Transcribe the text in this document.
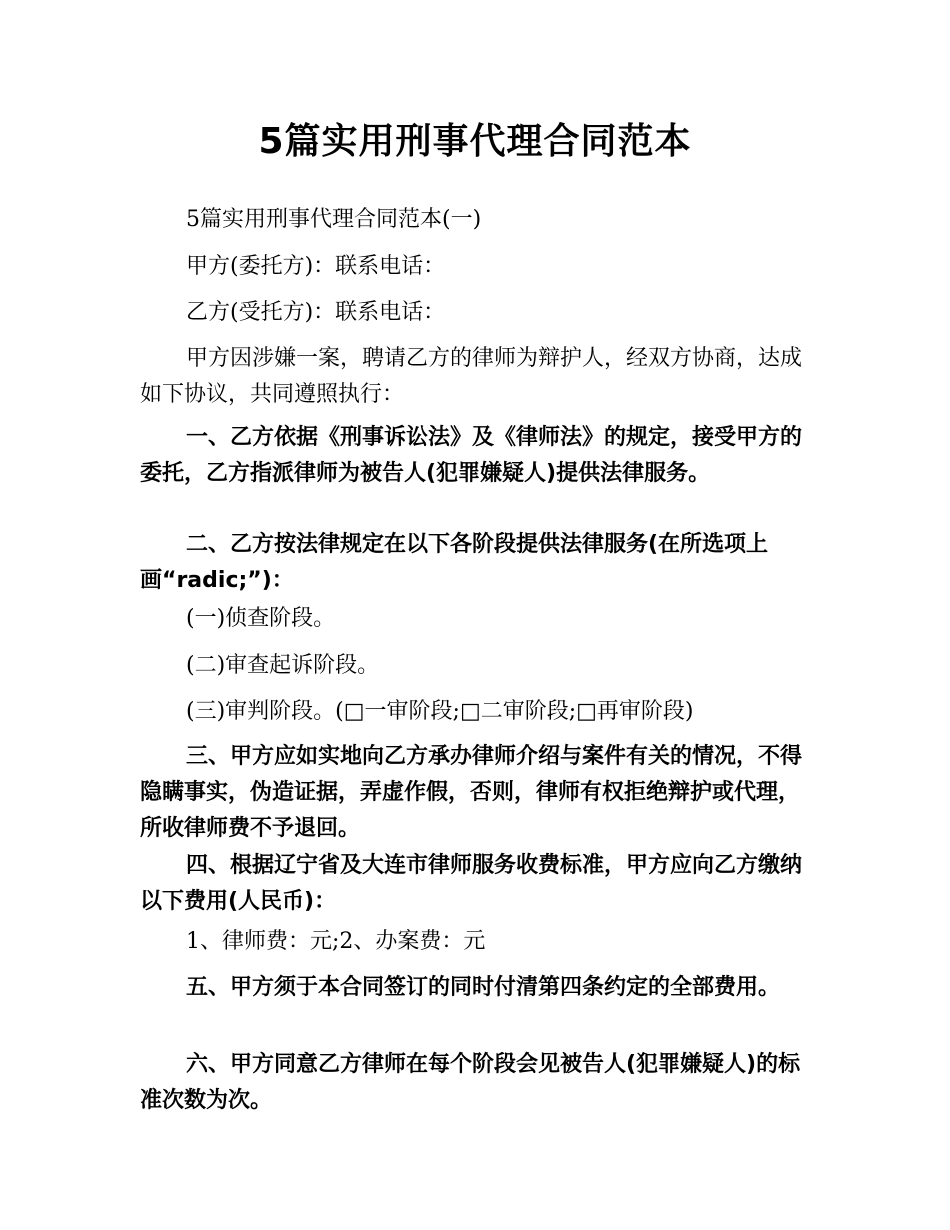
5篇实用刑事代理合同范本
5篇实用刑事代理合同范本(一)
甲方(委托方)：联系电话：
乙方(受托方)：联系电话：
甲方因涉嫌一案，聘请乙方的律师为辩护人，经双方协商，达成如下协议，共同遵照执行：
一、乙方依据《刑事诉讼法》及《律师法》的规定，接受甲方的委托，乙方指派律师为被告人(犯罪嫌疑人)提供法律服务。
二、乙方按法律规定在以下各阶段提供法律服务(在所选项上画“radic;”)：
(一)侦查阶段。
(二)审查起诉阶段。
(三)审判阶段。(□一审阶段;□二审阶段;□再审阶段)
三、甲方应如实地向乙方承办律师介绍与案件有关的情况，不得隐瞒事实，伪造证据，弄虚作假，否则，律师有权拒绝辩护或代理，所收律师费不予退回。
四、根据辽宁省及大连市律师服务收费标准，甲方应向乙方缴纳以下费用(人民币)：
1、律师费：元;2、办案费：元
五、甲方须于本合同签订的同时付清第四条约定的全部费用。
六、甲方同意乙方律师在每个阶段会见被告人(犯罪嫌疑人)的标准次数为次。
